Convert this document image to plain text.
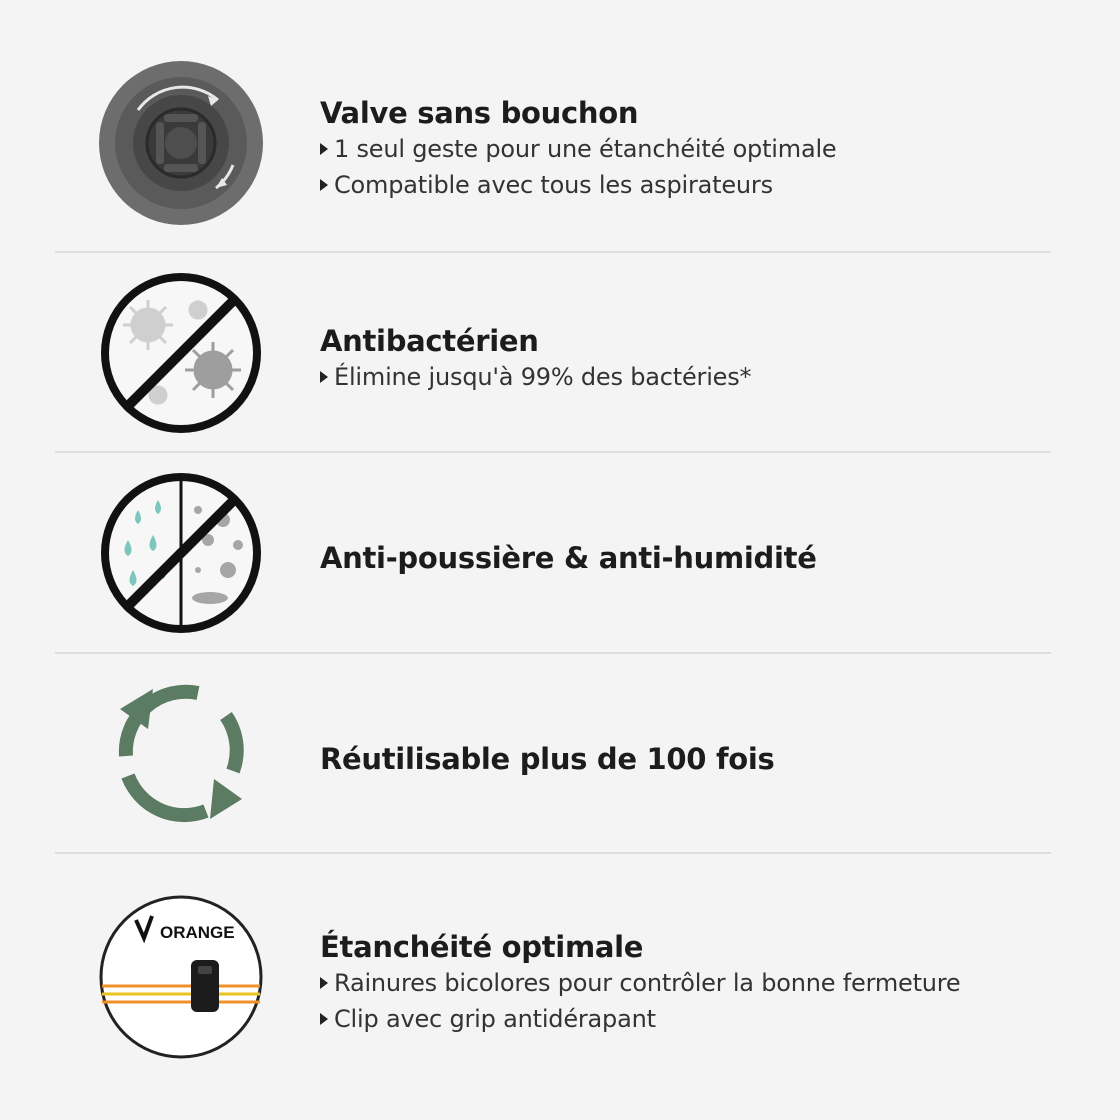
Valve sans bouchon

1 seul geste pour une étanchéité optimale
Compatible avec tous les aspirateurs

Antibactérien

Élimine jusqu'à 99% des bactéries*

Anti-poussière & anti-humidité

Réutilisable plus de 100 fois

ORANGE	Étanchéité optimale

Rainures bicolores pour contrôler la bonne fermeture
Clip avec grip antidérapant
